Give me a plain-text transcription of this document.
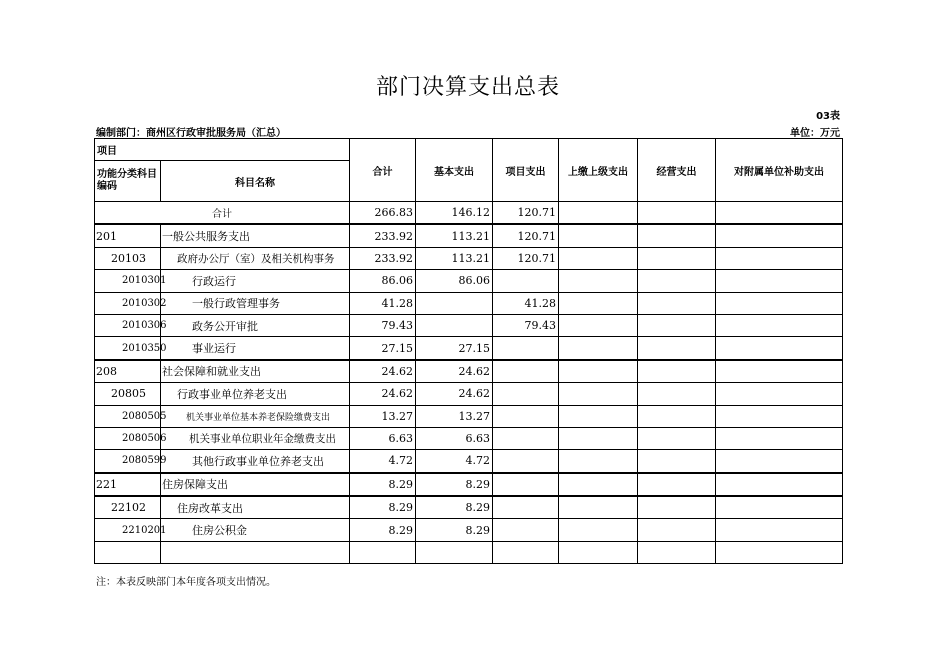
部门决算支出总表
03表
编制部门：商州区行政审批服务局（汇总）	单位：万元
项目		合计	基本支出	项目支出	上缴上级支出	经营支出	对附属单位补助支出
功能分类科目编码	科目名称						
合计		266.83	146.12	120.71			
201	一般公共服务支出	233.92	113.21	120.71			
20103	政府办公厅（室）及相关机构事务	233.92	113.21	120.71			
2010301	行政运行	86.06	86.06				
2010302	一般行政管理事务	41.28		41.28			
2010306	政务公开审批	79.43		79.43			
2010350	事业运行	27.15	27.15				
208	社会保障和就业支出	24.62	24.62				
20805	行政事业单位养老支出	24.62	24.62				
2080505	机关事业单位基本养老保险缴费支出	13.27	13.27				
2080506	机关事业单位职业年金缴费支出	6.63	6.63				
2080599	其他行政事业单位养老支出	4.72	4.72				
221	住房保障支出	8.29	8.29				
22102	住房改革支出	8.29	8.29				
2210201	住房公积金	8.29	8.29				

注：本表反映部门本年度各项支出情况。
